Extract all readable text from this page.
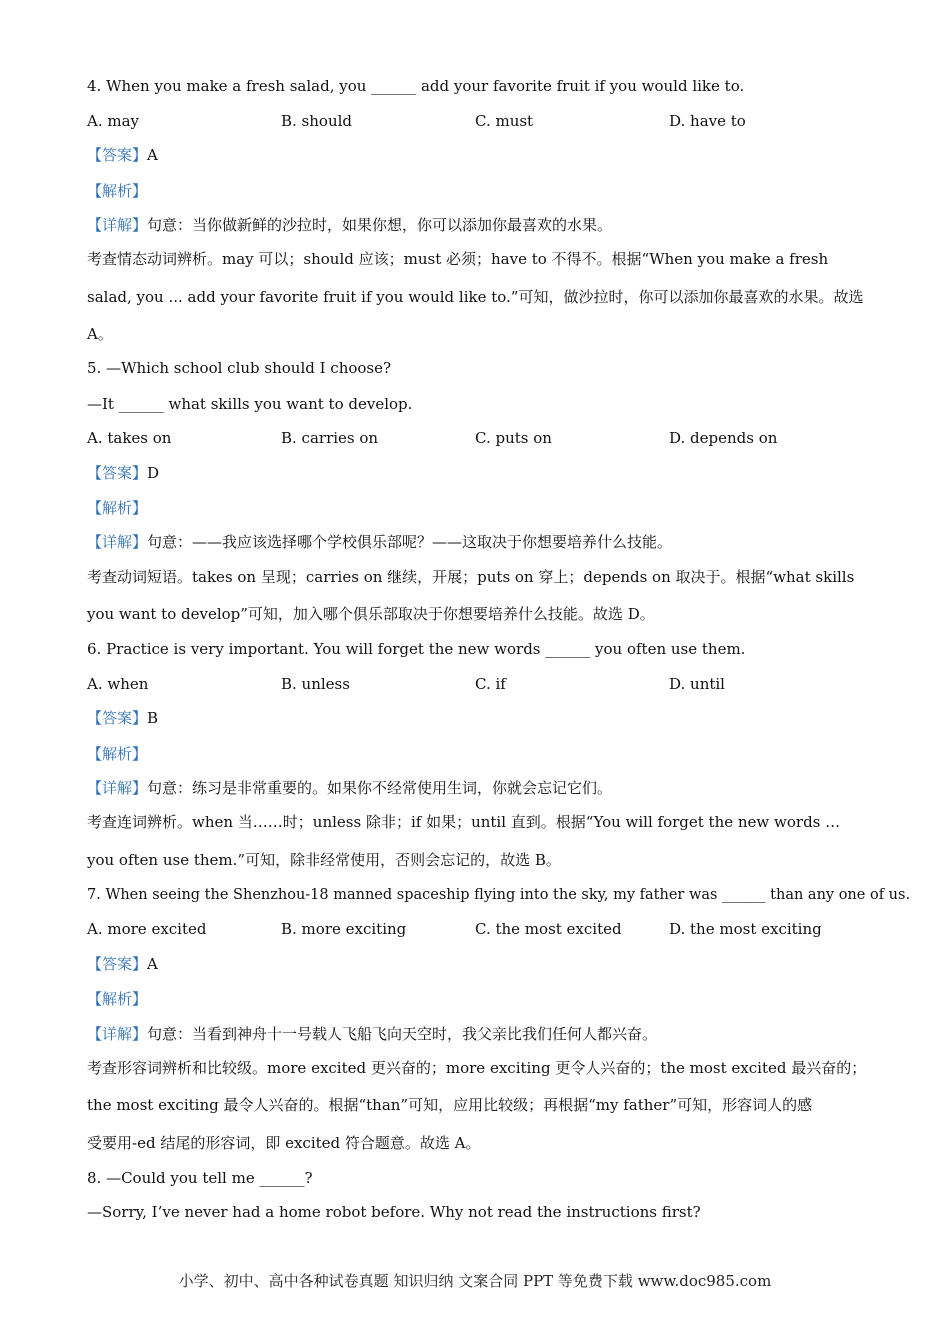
4. When you make a fresh salad, you ______ add your favorite fruit if you would like to.
A. may	B. should	C. must	D. have to
【答案】A
【解析】
【详解】句意：当你做新鲜的沙拉时，如果你想，你可以添加你最喜欢的水果。
考查情态动词辨析。may 可以；should 应该；must 必须；have to 不得不。根据“When you make a fresh
salad, you ... add your favorite fruit if you would like to.”可知，做沙拉时，你可以添加你最喜欢的水果。故选
A。
5. —Which school club should I choose?
—It ______ what skills you want to develop.
A. takes on	B. carries on	C. puts on	D. depends on
【答案】D
【解析】
【详解】句意：——我应该选择哪个学校俱乐部呢？——这取决于你想要培养什么技能。
考查动词短语。takes on 呈现；carries on 继续，开展；puts on 穿上；depends on 取决于。根据“what skills
you want to develop”可知，加入哪个俱乐部取决于你想要培养什么技能。故选 D。
6. Practice is very important. You will forget the new words ______ you often use them.
A. when	B. unless	C. if	D. until
【答案】B
【解析】
【详解】句意：练习是非常重要的。如果你不经常使用生词，你就会忘记它们。
考查连词辨析。when 当……时；unless 除非；if 如果；until 直到。根据“You will forget the new words …
you often use them.”可知，除非经常使用，否则会忘记的，故选 B。
7. When seeing the Shenzhou-18 manned spaceship flying into the sky, my father was ______ than any one of us.
A. more excited	B. more exciting	C. the most excited	D. the most exciting
【答案】A
【解析】
【详解】句意：当看到神舟十一号载人飞船飞向天空时，我父亲比我们任何人都兴奋。
考查形容词辨析和比较级。more excited 更兴奋的；more exciting 更令人兴奋的；the most excited 最兴奋的；
the most exciting 最令人兴奋的。根据“than”可知，应用比较级；再根据“my father”可知，形容词人的感
受要用-ed 结尾的形容词，即 excited 符合题意。故选 A。
8. —Could you tell me ______?
—Sorry, I’ve never had a home robot before. Why not read the instructions first?
小学、初中、高中各种试卷真题 知识归纳 文案合同 PPT 等免费下载 www.doc985.com
